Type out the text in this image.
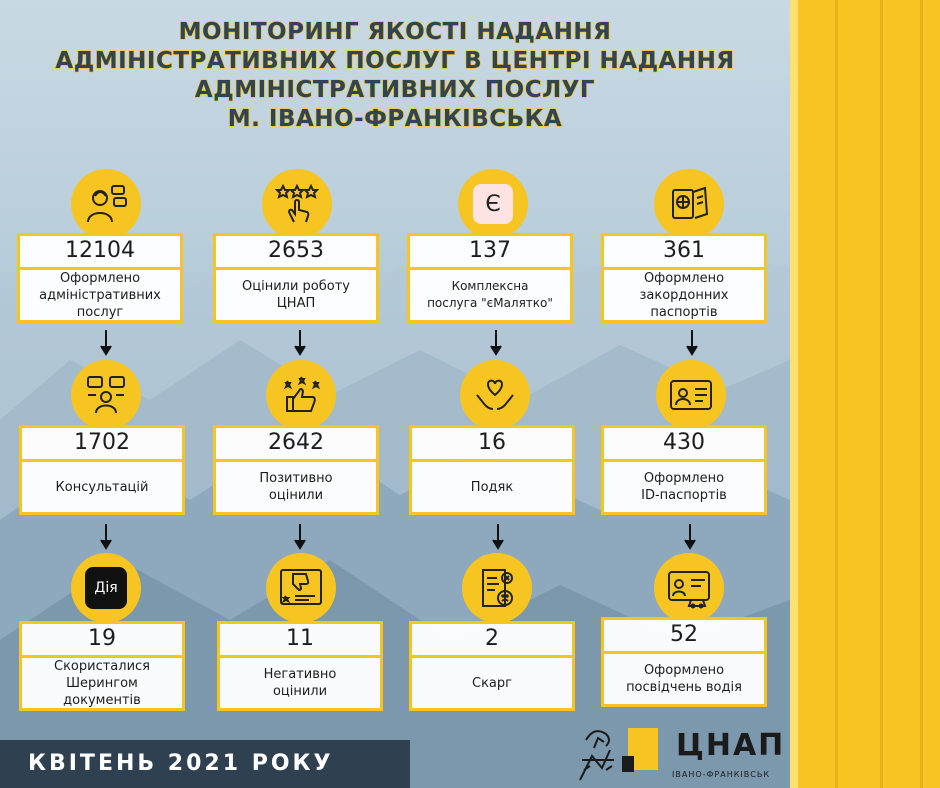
МОНІТОРИНГ ЯКОСТІ НАДАННЯ
АДМІНІСТРАТИВНИХ ПОСЛУГ В ЦЕНТРІ НАДАННЯ
АДМІНІСТРАТИВНИХ ПОСЛУГ
М. ІВАНО-ФРАНКІВСЬКА
Є
12104
Оформлено
адміністративних
послуг
2653
Оцінили роботу
ЦНАП
137
Комплексна
послуга "єМалятко"
361
Оформлено
закордонних
паспортів
1702
Консультацій
2642
Позитивно
оцінили
16
Подяк
430
Оформлено
ID-паспортів
Дія
19
Скористалися
Шерингом
документів
11
Негативно
оцінили
2
Скарг
52
Оформлено
посвідчень водія
КВІТЕНЬ 2021 РОКУ
ЦНАП
ІВАНО-ФРАНКІВСЬК
